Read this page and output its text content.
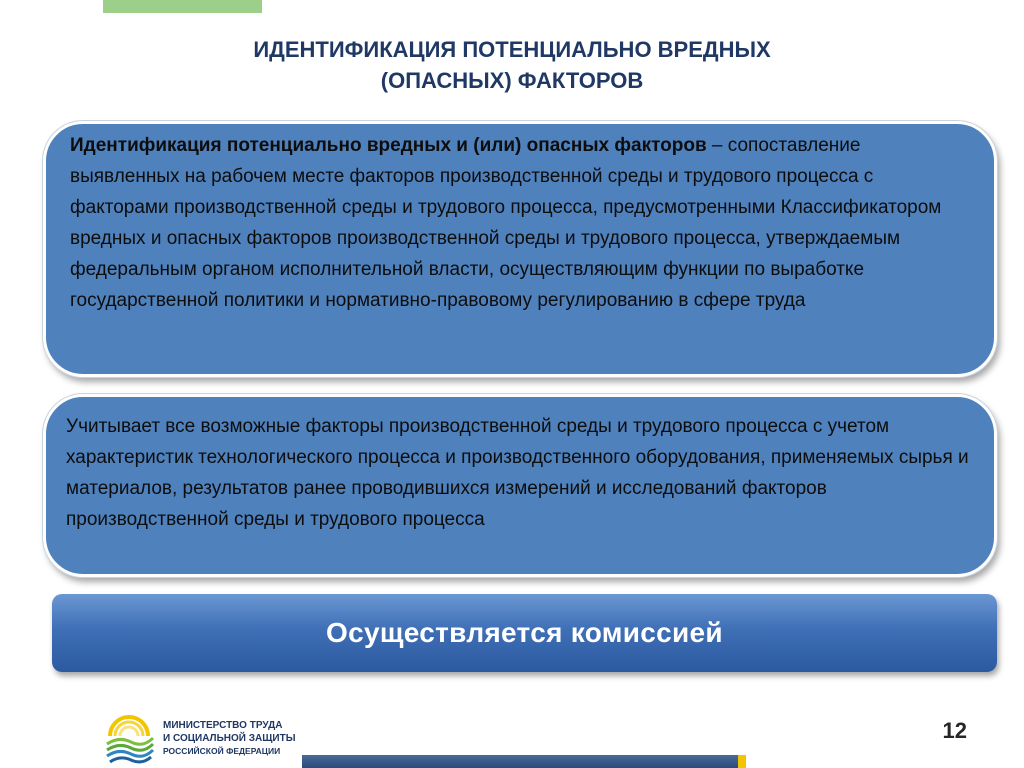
ИДЕНТИФИКАЦИЯ ПОТЕНЦИАЛЬНО ВРЕДНЫХ
(ОПАСНЫХ) ФАКТОРОВ
Идентификация потенциально вредных и (или) опасных факторов – сопоставление выявленных на рабочем месте факторов производственной среды и трудового процесса с факторами производственной среды и трудового процесса, предусмотренными Классификатором вредных и опасных факторов производственной среды и трудового процесса, утверждаемым федеральным органом исполнительной власти, осуществляющим функции по выработке государственной политики и нормативно-правовому регулированию в сфере труда
Учитывает все возможные факторы производственной среды и трудового процесса с учетом характеристик технологического процесса и производственного оборудования, применяемых сырья и материалов, результатов ранее проводившихся измерений и исследований факторов производственной среды и трудового процесса
Осуществляется комиссией
МИНИСТЕРСТВО ТРУДА
И СОЦИАЛЬНОЙ ЗАЩИТЫ
РОССИЙСКОЙ ФЕДЕРАЦИИ
12
